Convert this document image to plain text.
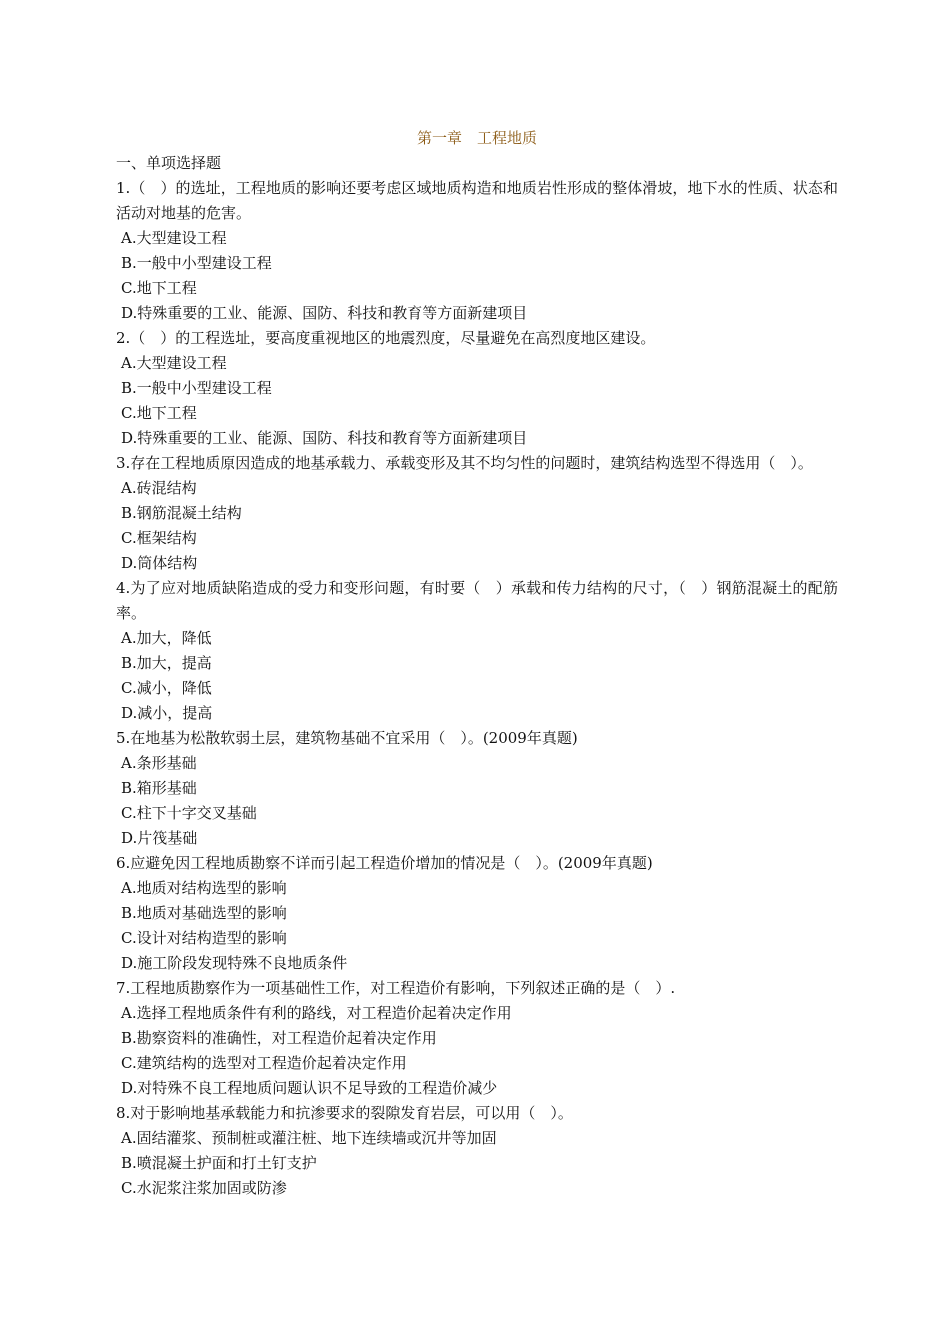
第一章　工程地质

一、单项选择题

1.（　）的选址，工程地质的影响还要考虑区域地质构造和地质岩性形成的整体滑坡，地下水的性质、状态和活动对地基的危害。

A.大型建设工程

B.一般中小型建设工程

C.地下工程

D.特殊重要的工业、能源、国防、科技和教育等方面新建项目

2.（　）的工程选址，要高度重视地区的地震烈度，尽量避免在高烈度地区建设。

A.大型建设工程

B.一般中小型建设工程

C.地下工程

D.特殊重要的工业、能源、国防、科技和教育等方面新建项目

3.存在工程地质原因造成的地基承载力、承载变形及其不均匀性的问题时，建筑结构选型不得选用（　）。

A.砖混结构

B.钢筋混凝土结构

C.框架结构

D.筒体结构

4.为了应对地质缺陷造成的受力和变形问题，有时要（　）承载和传力结构的尺寸，（　）钢筋混凝土的配筋率。

A.加大，降低

B.加大，提高

C.减小，降低

D.减小，提高

5.在地基为松散软弱土层，建筑物基础不宜采用（　）。(2009年真题)

A.条形基础

B.箱形基础

C.柱下十字交叉基础

D.片筏基础

6.应避免因工程地质勘察不详而引起工程造价增加的情况是（　）。(2009年真题)

A.地质对结构选型的影响

B.地质对基础选型的影响

C.设计对结构造型的影响

D.施工阶段发现特殊不良地质条件

7.工程地质勘察作为一项基础性工作，对工程造价有影响，下列叙述正确的是（　）.

A.选择工程地质条件有利的路线，对工程造价起着决定作用

B.勘察资料的准确性，对工程造价起着决定作用

C.建筑结构的选型对工程造价起着决定作用

D.对特殊不良工程地质问题认识不足导致的工程造价减少

8.对于影响地基承载能力和抗渗要求的裂隙发育岩层，可以用（　）。

A.固结灌浆、预制桩或灌注桩、地下连续墙或沉井等加固

B.喷混凝土护面和打土钉支护

C.水泥浆注浆加固或防渗
